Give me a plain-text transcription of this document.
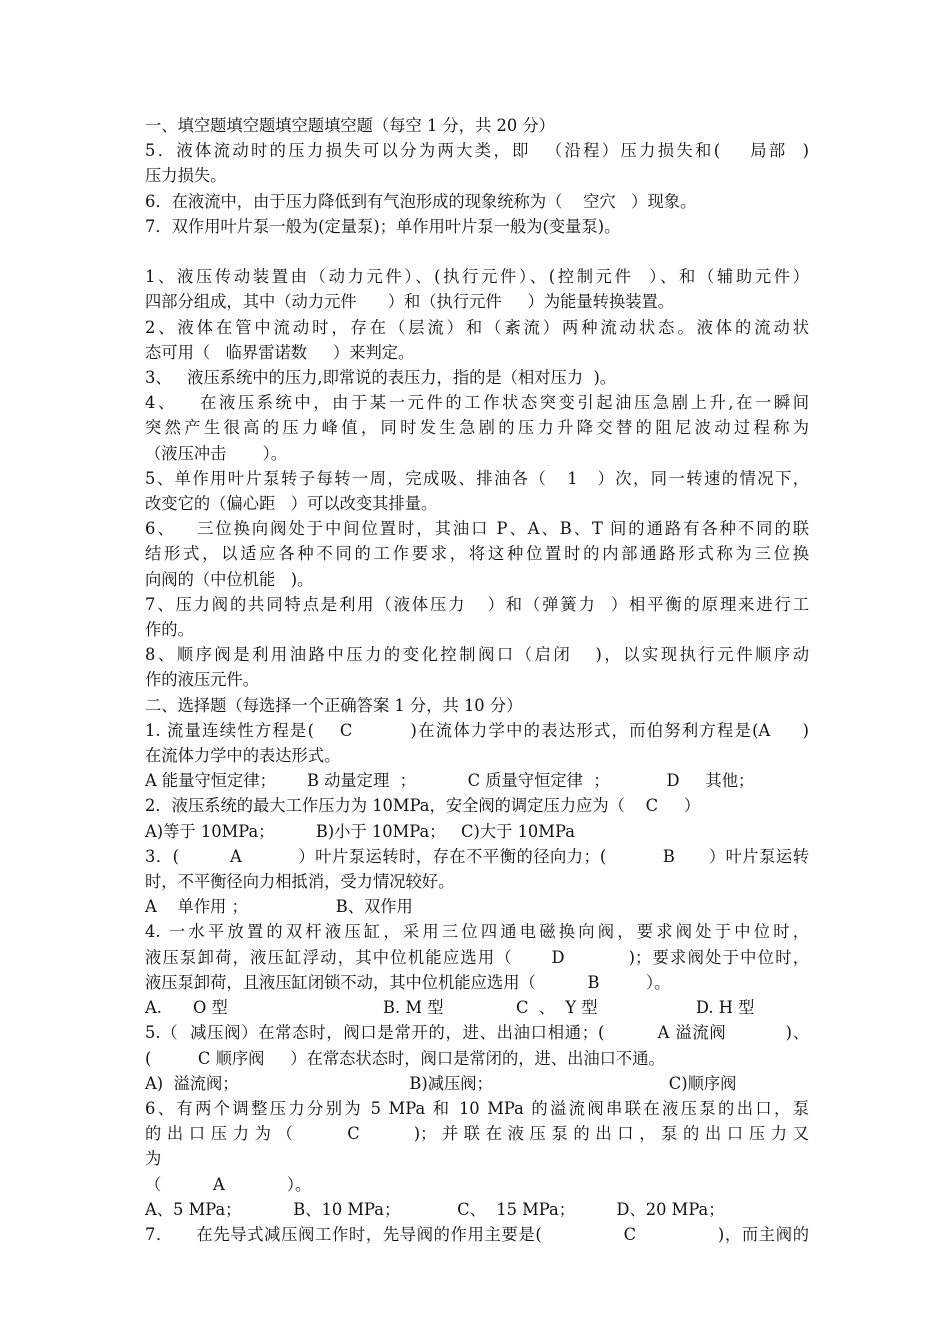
一、填空题填空题填空题填空题（每空 1 分，共 20 分）

5．液体流动时的压力损失可以分为两大类，即  （沿程）压力损失和(    局部  )

压力损失。

6．在液流中，由于压力降低到有气泡形成的现象统称为（    空穴   ）现象。

7．双作用叶片泵一般为(定量泵)；单作用叶片泵一般为(变量泵)。

1、液压传动装置由（动力元件）、(执行元件）、(控制元件  ）、和（辅助元件）

四部分组成，其中（动力元件      ）和（执行元件     ）为能量转换装置。

2、液体在管中流动时，存在（层流）和（紊流）两种流动状态。液体的流动状

态可用（   临界雷诺数     ）来判定。

3、   液压系统中的压力,即常说的表压力，指的是（相对压力  )。

4、   在液压系统中，由于某一元件的工作状态突变引起油压急剧上升,在一瞬间

突然产生很高的压力峰值，同时发生急剧的压力升降交替的阻尼波动过程称为

（液压冲击       ）。

5、单作用叶片泵转子每转一周，完成吸、排油各（   1   ）次，同一转速的情况下，

改变它的（偏心距   ）可以改变其排量。

6、   三位换向阀处于中间位置时，其油口 P、A、B、T 间的通路有各种不同的联

结形式，以适应各种不同的工作要求，将这种位置时的内部通路形式称为三位换

向阀的（中位机能   )。

7、压力阀的共同特点是利用（液体压力   ）和（弹簧力  ）相平衡的原理来进行工

作的。

8、顺序阀是利用油路中压力的变化控制阀口（启闭   )，以实现执行元件顺序动

作的液压元件。

二、选择题（每选择一个正确答案 1 分，共 10 分）

1. 流量连续性方程是(    C         )在流体力学中的表达形式，而伯努利方程是(A     )

在流体力学中的表达形式。

A 能量守恒定律；      B 动量定理  ；          C 质量守恒定律  ；           D     其他；

2．液压系统的最大工作压力为 10MPa，安全阀的调定压力应为（    C     ）

A)等于 10MPa；        B)小于 10MPa；   C)大于 10MPa

3．(         A          ）叶片泵运转时，存在不平衡的径向力；(          B      ）叶片泵运转

时，不平衡径向力相抵消，受力情况较好。

A    单作用 ；                 B、双作用

4. 一水平放置的双杆液压缸，采用三位四通电磁换向阀，要求阀处于中位时，

液压泵卸荷，液压缸浮动，其中位机能应选用（      D          )；要求阀处于中位时，

液压泵卸荷，且液压缸闭锁不动，其中位机能应选用（          B         ）。

A.      O 型                              B. M 型              C  、  Y 型                   D. H 型

5.（  减压阀）在常态时，阀口是常开的，进、出油口相通；(         A 溢流阀          )、

(         C 顺序阀     ）在常态状态时，阀口是常闭的，进、出油口不通。

A)  溢流阀；                                 B)减压阀；                                  C)顺序阀

6、有两个调整压力分别为 5 MPa 和 10 MPa 的溢流阀串联在液压泵的出口，泵

的 出 口 压 力 为 （          C          )； 并 联 在 液 压 泵 的 出 口 ， 泵 的 出 口 压 力 又 为

（          A            ）。

A、5 MPa；          B、10 MPa；           C、  15 MPa；        D、20 MPa；

7．    在先导式减压阀工作时，先导阀的作用主要是(              C              )，而主阀的
